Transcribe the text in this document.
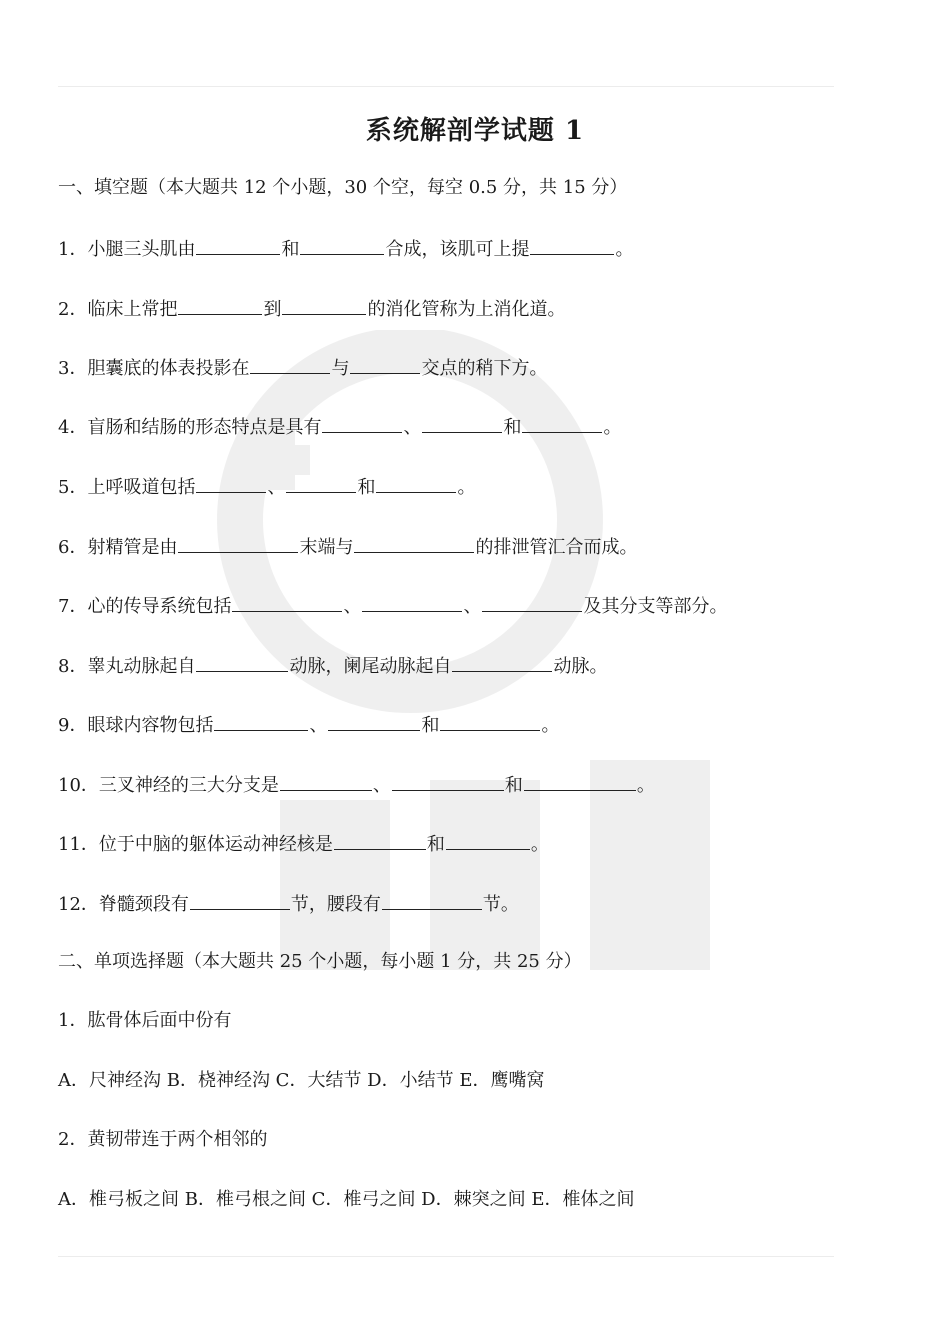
系统解剖学试题 1
一、填空题（本大题共 12 个小题，30 个空，每空 0.5 分，共 15 分）
1．小腿三头肌由	和	合成，该肌可上提	。
2．临床上常把	到	的消化管称为上消化道。
3．胆囊底的体表投影在	与	交点的稍下方。
4．盲肠和结肠的形态特点是具有	、	和	。
5．上呼吸道包括	、	和	。
6．射精管是由	末端与	的排泄管汇合而成。
7．心的传导系统包括	、	、	及其分支等部分。
8．睾丸动脉起自	动脉，阑尾动脉起自	动脉。
9．眼球内容物包括	、	和	。
10．三叉神经的三大分支是	、	和	。
11．位于中脑的躯体运动神经核是	和	。
12．脊髓颈段有	节，腰段有	节。
二、单项选择题（本大题共 25 个小题，每小题 1 分，共 25 分）
1．肱骨体后面中份有
A．尺神经沟 B．桡神经沟 C．大结节 D．小结节 E．鹰嘴窝
2．黄韧带连于两个相邻的
A．椎弓板之间 B．椎弓根之间 C．椎弓之间 D．棘突之间 E．椎体之间
